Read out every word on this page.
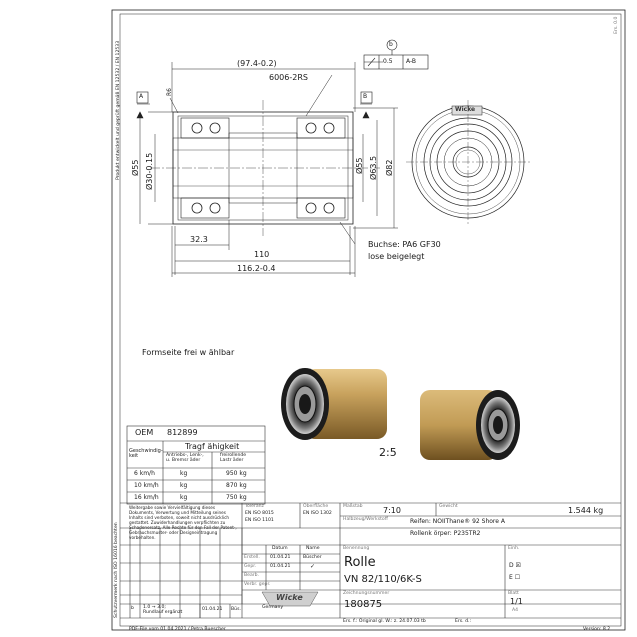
Ers. 0.0
Produkt entwickelt und geprüft gemäß EN 12532 / EN 12533	(97.4-0.2)
6006-2RS
R6
b
0.5 A-B
A	B
Ø55 Ø30-0.15	Ø55 Ø63.5 Ø82
32.3
110
116.2-0.4
Buchse: PA6 GF30
lose beigelegt
Wicke
Formseite frei w ählbar
2:5
OEM 812899
Tragf ähigkeit
Geschwindig-
keit	Antriebs-, Lenk-,
u. Bremsr äder
freirollende
Lastr äder
6 km/h	kg	950 kg
10 km/h	kg	870 kg
16 km/h	kg	750 kg
Weitergabe sowie Vervielfältigung dieses Dokuments, Verwertung und Mitteilung seines Inhalts sind verboten, soweit nicht ausdrücklich gestattet. Zuwiderhandlungen verpflichten zu Schadenersatz. Alle Rechte für den Fall der Patent-, Gebrauchsmuster- oder Designeintragung vorbehalten.
Toleranz
EN ISO 8015
EN ISO 1101
Oberfläche
EN ISO 1302
Maßstab	7:10	Gewicht	1.544 kg
Halbzeug/Werkstoff	Reifen: NOIIThane® 92 Shore A
Rollenk örper: P235TR2
Datum	Name
Erstell. 01.04.21	Büscher
Gepr.	01.04.21	✓
Bearb.
Verbr. gepr.
Benennung
Rolle
VN 82/110/6K-S
Einh.
D ☒
E ☐
Zeichnungsnummer
180875
Blatt
1/1
A4
Ers. f.: Original gl. W.: z. 24.07.03 tb	Ers. d.:
b 1.0 → 3.0;
Rundlauf ergänzt
01.04.21 Büs.
Wicke
Germany
PDF-File vom 01.04.2021 / Petra Buescher	Version: 8.2
Schutzvermerk nach ISO 16016 beachten
